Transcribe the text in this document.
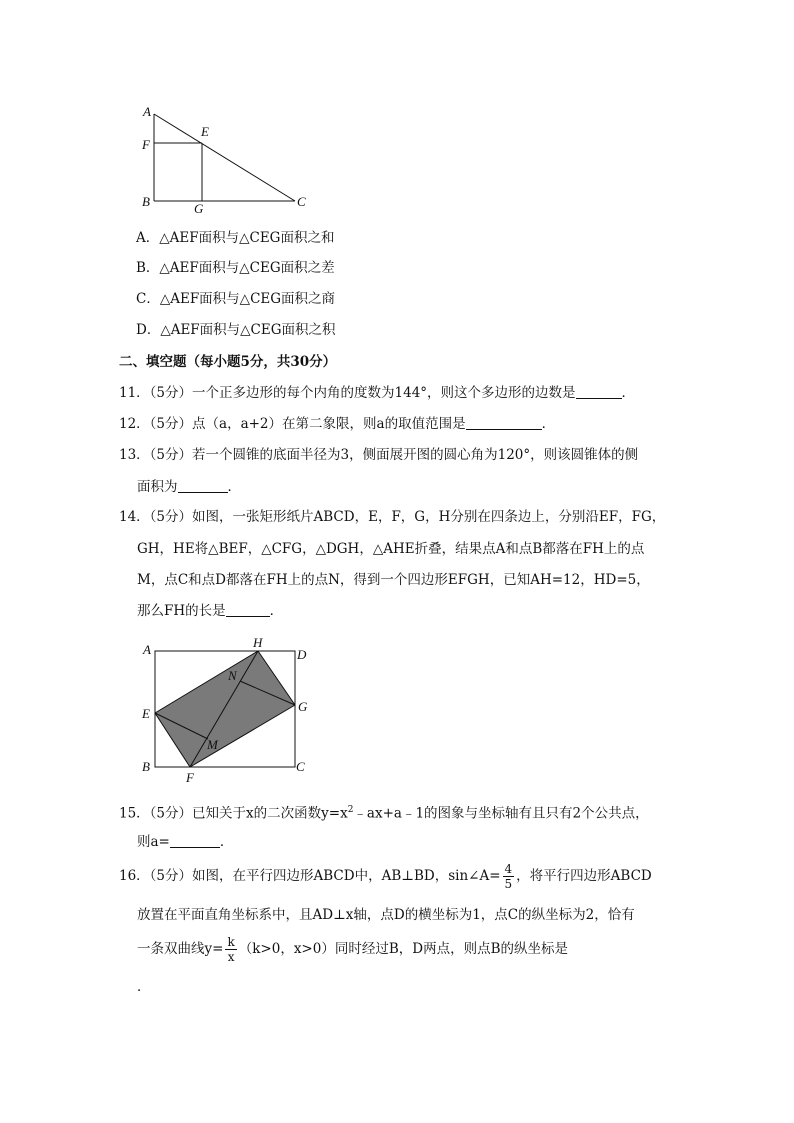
A
E
F
B	G	C
A．△AEF面积与△CEG面积之和
B．△AEF面积与△CEG面积之差
C．△AEF面积与△CEG面积之商
D．△AEF面积与△CEG面积之积
二、填空题（每小题5分，共30分）
11．（5分）一个正多边形的每个内角的度数为144°，则这个多边形的边数是	．
12．（5分）点（a，a+2）在第二象限，则a的取值范围是	．
13．（5分）若一个圆锥的底面半径为3，侧面展开图的圆心角为120°，则该圆锥体的侧
面积为	．
14．（5分）如图，一张矩形纸片ABCD，E，F，G，H分别在四条边上，分别沿EF，FG，
GH，HE将△BEF，△CFG，△DGH，△AHE折叠，结果点A和点B都落在FH上的点
M，点C和点D都落在FH上的点N，得到一个四边形EFGH，已知AH=12，HD=5，
那么FH的长是	．
A	H
D
N
E	G
M
B
F
C
15．（5分）已知关于x的二次函数$y=x^2﹣ax+a﹣1$的图象与坐标轴有且只有2个公共点，
则a=	．
16．（5分）如图，在平行四边形ABCD中，AB⊥BD，sin∠A= $\frac{4}{5}$ ，将平行四边形ABCD
放置在平面直角坐标系中，且AD⊥x轴，点D的横坐标为1，点C的纵坐标为2，恰有
一条双曲线$y= \frac{k}{x} (k>0$，x>0）同时经过B，D两点，则点B的纵坐标是
．
